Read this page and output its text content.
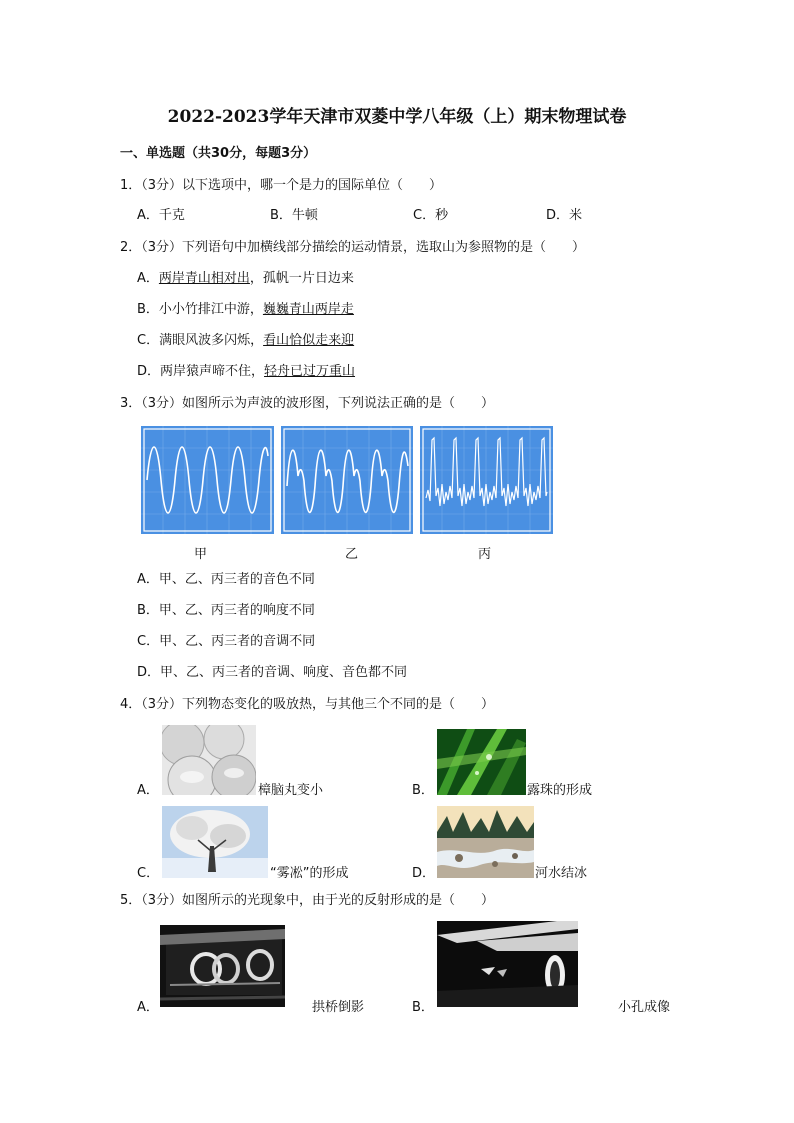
2022-2023学年天津市双菱中学八年级（上）期末物理试卷
一、单选题（共30分，每题3分）
1．（3分）以下选项中，哪一个是力的国际单位（　　）
A．千克	B．牛顿	C．秒	D．米
2．（3分）下列语句中加横线部分描绘的运动情景，选取山为参照物的是（　　）
A．两岸青山相对出，孤帆一片日边来
B．小小竹排江中游，巍巍青山两岸走
C．满眼风波多闪烁，看山恰似走来迎
D．两岸猿声啼不住，轻舟已过万重山
3．（3分）如图所示为声波的波形图，下列说法正确的是（　　）
甲	乙	丙
A．甲、乙、丙三者的音色不同
B．甲、乙、丙三者的响度不同
C．甲、乙、丙三者的音调不同
D．甲、乙、丙三者的音调、响度、音色都不同
4．（3分）下列物态变化的吸放热，与其他三个不同的是（　　）
A．	樟脑丸变小	B．	露珠的形成
C．	“雾凇”的形成	D．	河水结冰
5．（3分）如图所示的光现象中，由于光的反射形成的是（　　）
A．	拱桥倒影	B．	小孔成像
